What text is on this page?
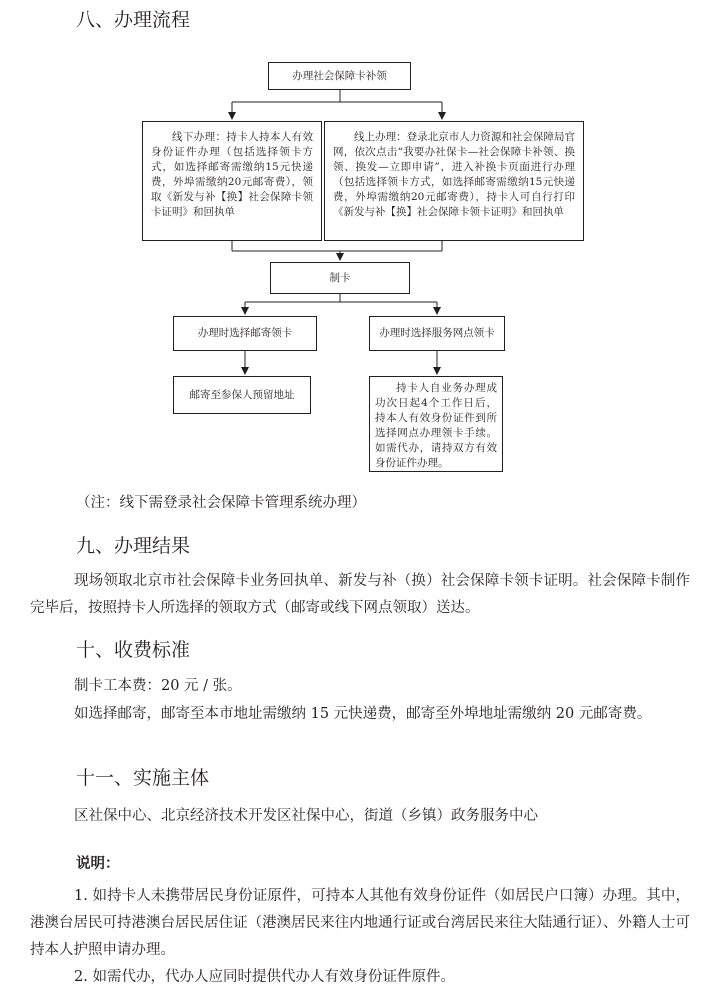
八、办理流程
办理社会保障卡补领
线下办理：持卡人持本人有效身份证件办理（包括选择领卡方式，如选择邮寄需缴纳15元快递费，外埠需缴纳20元邮寄费），领取《新发与补【换】社会保障卡领卡证明》和回执单
线上办理：登录北京市人力资源和社会保障局官网，依次点击“我要办社保卡—社会保障卡补领、换领、换发—立即申请”，进入补换卡页面进行办理（包括选择领卡方式，如选择邮寄需缴纳15元快递费，外埠需缴纳20元邮寄费），持卡人可自行打印《新发与补【换】社会保障卡领卡证明》和回执单
制卡
办理时选择邮寄领卡	办理时选择服务网点领卡
邮寄至参保人预留地址
持卡人自业务办理成功次日起4个工作日后，持本人有效身份证件到所选择网点办理领卡手续。如需代办，请持双方有效身份证件办理。

（注：线下需登录社会保障卡管理系统办理）

九、办理结果

现场领取北京市社会保障卡业务回执单、新发与补（换）社会保障卡领卡证明。社会保障卡制作完毕后，按照持卡人所选择的领取方式（邮寄或线下网点领取）送达。

十、收费标准

制卡工本费：20 元 / 张。

如选择邮寄，邮寄至本市地址需缴纳 15 元快递费，邮寄至外埠地址需缴纳 20 元邮寄费。

十一、实施主体

区社保中心、北京经济技术开发区社保中心，街道（乡镇）政务服务中心

说明：

1. 如持卡人未携带居民身份证原件，可持本人其他有效身份证件（如居民户口簿）办理。其中，港澳台居民可持港澳台居民居住证（港澳居民来往内地通行证或台湾居民来往大陆通行证）、外籍人士可持本人护照申请办理。

2. 如需代办，代办人应同时提供代办人有效身份证件原件。
